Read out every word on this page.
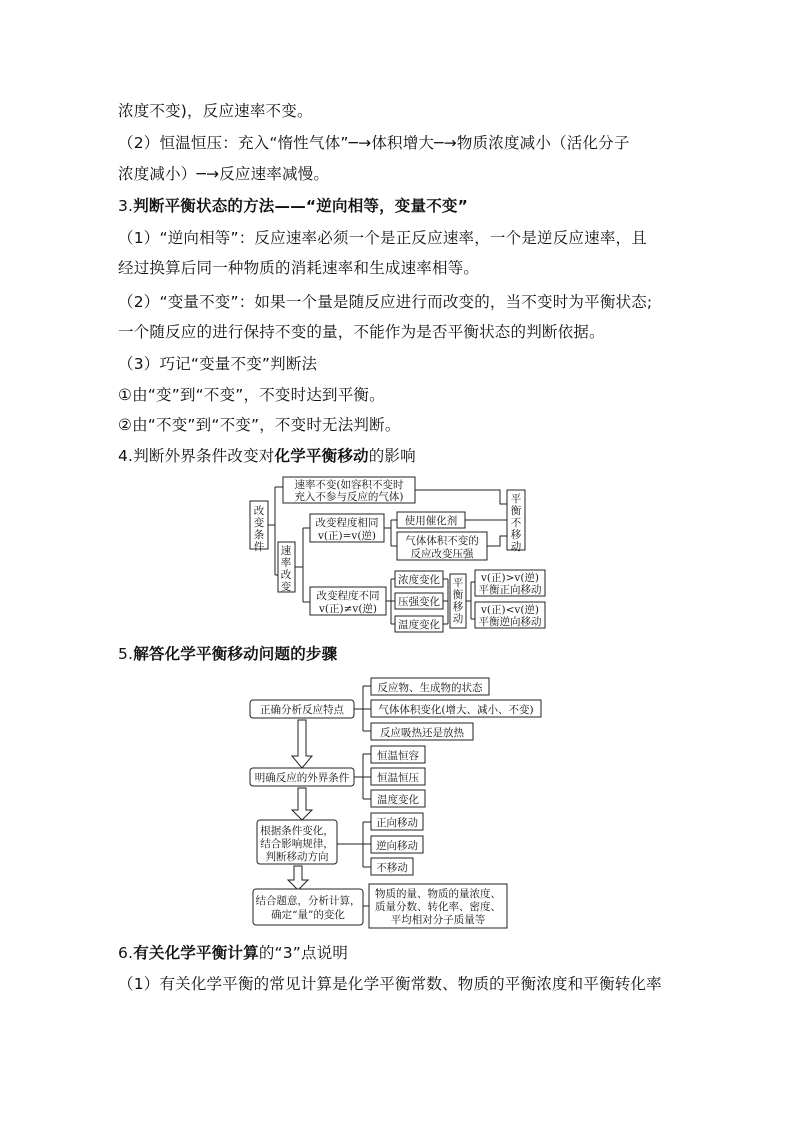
浓度不变)，反应速率不变。
（2）恒温恒压：充入“惰性气体”─→体积增大─→物质浓度减小（活化分子
浓度减小）─→反应速率减慢。
3.判断平衡状态的方法——“逆向相等，变量不变”
（1）“逆向相等”：反应速率必须一个是正反应速率，一个是逆反应速率，且
经过换算后同一种物质的消耗速率和生成速率相等。
（2）“变量不变”：如果一个量是随反应进行而改变的，当不变时为平衡状态;
一个随反应的进行保持不变的量，不能作为是否平衡状态的判断依据。
（3）巧记“变量不变”判断法
①由“变”到“不变”，不变时达到平衡。
②由“不变”到“不变”，不变时无法判断。
4.判断外界条件改变对化学平衡移动的影响
改变条件
速率不变(如容积不变时
充入不参与反应的气体)
速率改变
改变程度相同
v(正)=v(逆)
使用催化剂
气体体积不变的
反应改变压强
平衡不移动
改变程度不同
v(正)≠v(逆)
浓度变化
压强变化
温度变化
平衡移动
v(正)>v(逆)
平衡正向移动
v(正)<v(逆)
平衡逆向移动
5.解答化学平衡移动问题的步骤
正确分析反应特点
反应物、生成物的状态
气体体积变化(增大、减小、不变)
反应吸热还是放热
明确反应的外界条件
恒温恒容
恒温恒压
温度变化
根据条件变化，
结合影响规律，
判断移动方向
正向移动
逆向移动
不移动
结合题意，分析计算，
确定“量”的变化
物质的量、物质的量浓度、
质量分数、转化率、密度、
平均相对分子质量等
6.有关化学平衡计算的“3”点说明
（1）有关化学平衡的常见计算是化学平衡常数、物质的平衡浓度和平衡转化率
